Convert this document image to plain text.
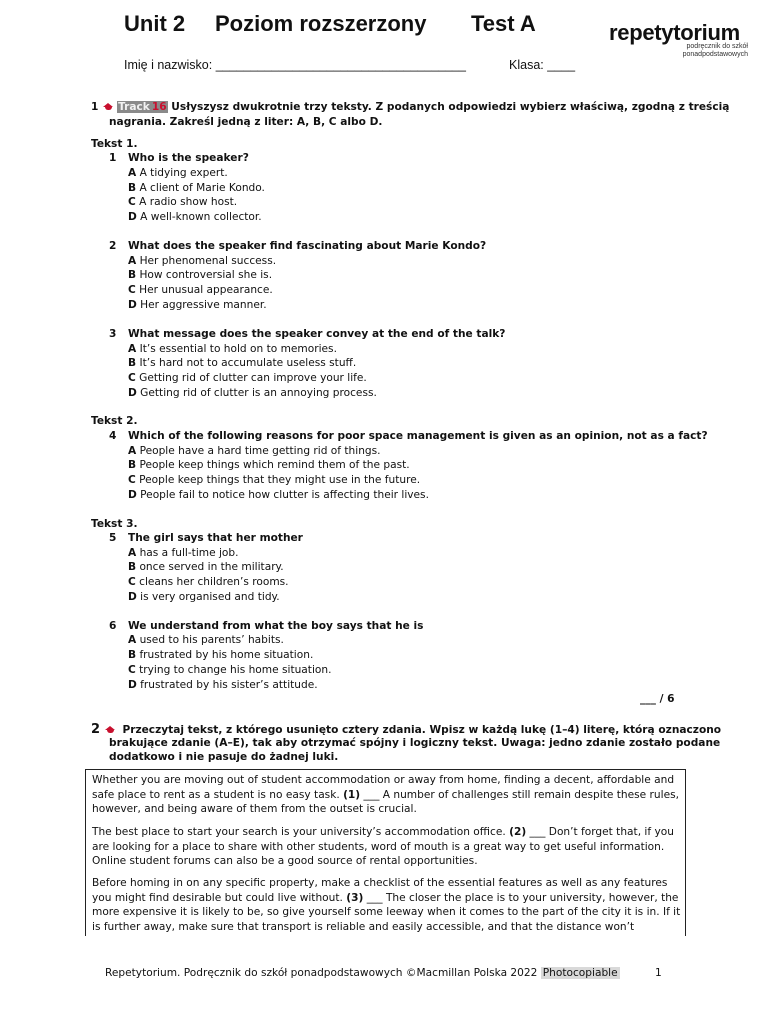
Unit 2 Poziom rozszerzony Test A	repetytorium
podręcznik do szkół
ponadpodstawowych
Imię i nazwisko: ____________________________________	Klasa: ____
1 Track 16 Usłyszysz dwukrotnie trzy teksty. Z podanych odpowiedzi wybierz właściwą, zgodną z treścią
nagrania. Zakreśl jedną z liter: A, B, C albo D.
Tekst 1.
1 Who is the speaker?
A A tidying expert.
B A client of Marie Kondo.
C A radio show host.
D A well-known collector.
2 What does the speaker find fascinating about Marie Kondo?
A Her phenomenal success.
B How controversial she is.
C Her unusual appearance.
D Her aggressive manner.
3 What message does the speaker convey at the end of the talk?
A It’s essential to hold on to memories.
B It’s hard not to accumulate useless stuff.
C Getting rid of clutter can improve your life.
D Getting rid of clutter is an annoying process.
Tekst 2.
4 Which of the following reasons for poor space management is given as an opinion, not as a fact?
A People have a hard time getting rid of things.
B People keep things which remind them of the past.
C People keep things that they might use in the future.
D People fail to notice how clutter is affecting their lives.
Tekst 3.
5 The girl says that her mother
A has a full-time job.
B once served in the military.
C cleans her children’s rooms.
D is very organised and tidy.
6 We understand from what the boy says that he is
A used to his parents’ habits.
B frustrated by his home situation.
C trying to change his home situation.
D frustrated by his sister’s attitude.
___ / 6
2 Przeczytaj tekst, z którego usunięto cztery zdania. Wpisz w każdą lukę (1–4) literę, którą oznaczono
brakujące zdanie (A–E), tak aby otrzymać spójny i logiczny tekst. Uwaga: jedno zdanie zostało podane
dodatkowo i nie pasuje do żadnej luki.

Whether you are moving out of student accommodation or away from home, finding a decent, affordable and safe place to rent as a student is no easy task. (1) ___ A number of challenges still remain despite these rules, however, and being aware of them from the outset is crucial.

The best place to start your search is your university’s accommodation office. (2) ___ Don’t forget that, if you are looking for a place to share with other students, word of mouth is a great way to get useful information. Online student forums can also be a good source of rental opportunities.

Before homing in on any specific property, make a checklist of the essential features as well as any features you might find desirable but could live without. (3) ___ The closer the place is to your university, however, the more expensive it is likely to be, so give yourself some leeway when it comes to the part of the city it is in. If it is further away, make sure that transport is reliable and easily accessible, and that the distance won’t

Repetytorium. Podręcznik do szkół ponadpodstawowych ©Macmillan Polska 2022 Photocopiable	1
